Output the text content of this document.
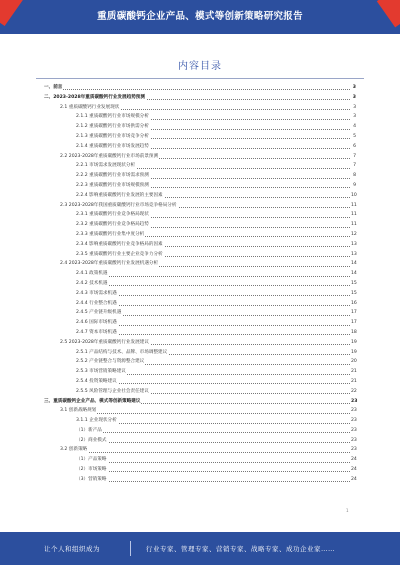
重质碳酸钙企业产品、模式等创新策略研究报告
内容目录
一、前言	3
二、2023-2028年重质碳酸钙行业发展趋势预测	3
2.1 重质碳酸钙行业发展现状	3
2.1.1 重质碳酸钙行业市场规模分析	3
2.1.2 重质碳酸钙行业市场供需分析	4
2.1.3 重质碳酸钙行业市场竞争分析	5
2.1.4 重质碳酸钙行业市场发展趋势	6
2.2 2023-2028年重质碳酸钙行业市场前景预测	7
2.2.1 市场需求发展现状分析	7
2.2.2 重质碳酸钙行业市场需求预测	8
2.2.3 重质碳酸钙行业市场规模预测	9
2.2.4 影响重质碳酸钙行业发展的主要因素	10
2.3 2023-2028年我国重质碳酸钙行业市场竞争格局分析	11
2.3.1 重质碳酸钙行业竞争格局现状	11
2.3.2 重质碳酸钙行业竞争格局趋势	11
2.3.3 重质碳酸钙行业集中度分析	12
2.3.4 影响重质碳酸钙行业竞争格局的因素	13
2.3.5 重质碳酸钙行业主要企业竞争力分析	13
2.4 2023-2028年重质碳酸钙行业发展机遇分析	14
2.4.1 政策机遇	14
2.4.2 技术机遇	15
2.4.3 市场需求机遇	15
2.4.4 行业整合机遇	16
2.4.5 产业链升级机遇	17
2.4.6 国际市场机遇	17
2.4.7 资本市场机遇	18
2.5 2023-2028年重质碳酸钙行业发展建议	19
2.5.1 产品结构与技术、品牌、市场调整建议	19
2.5.2 产业链整合与资源整合建议	20
2.5.3 市场营销策略建议	21
2.5.4 投资策略建议	21
2.5.5 风险管理与企业社会责任建议	22
三、重质碳酸钙企业产品、模式等创新策略建议	23
3.1 创新战略规划	23
3.1.1 企业现状分析	23
（1）新产品	23
（2）商业模式	23
3.2 创新策略	23
（1）产品策略	24
（2）市场策略	24
（3）营销策略	24
1
让个人和组织成为	行业专家、管理专家、营销专家、战略专家、成功企业家……
